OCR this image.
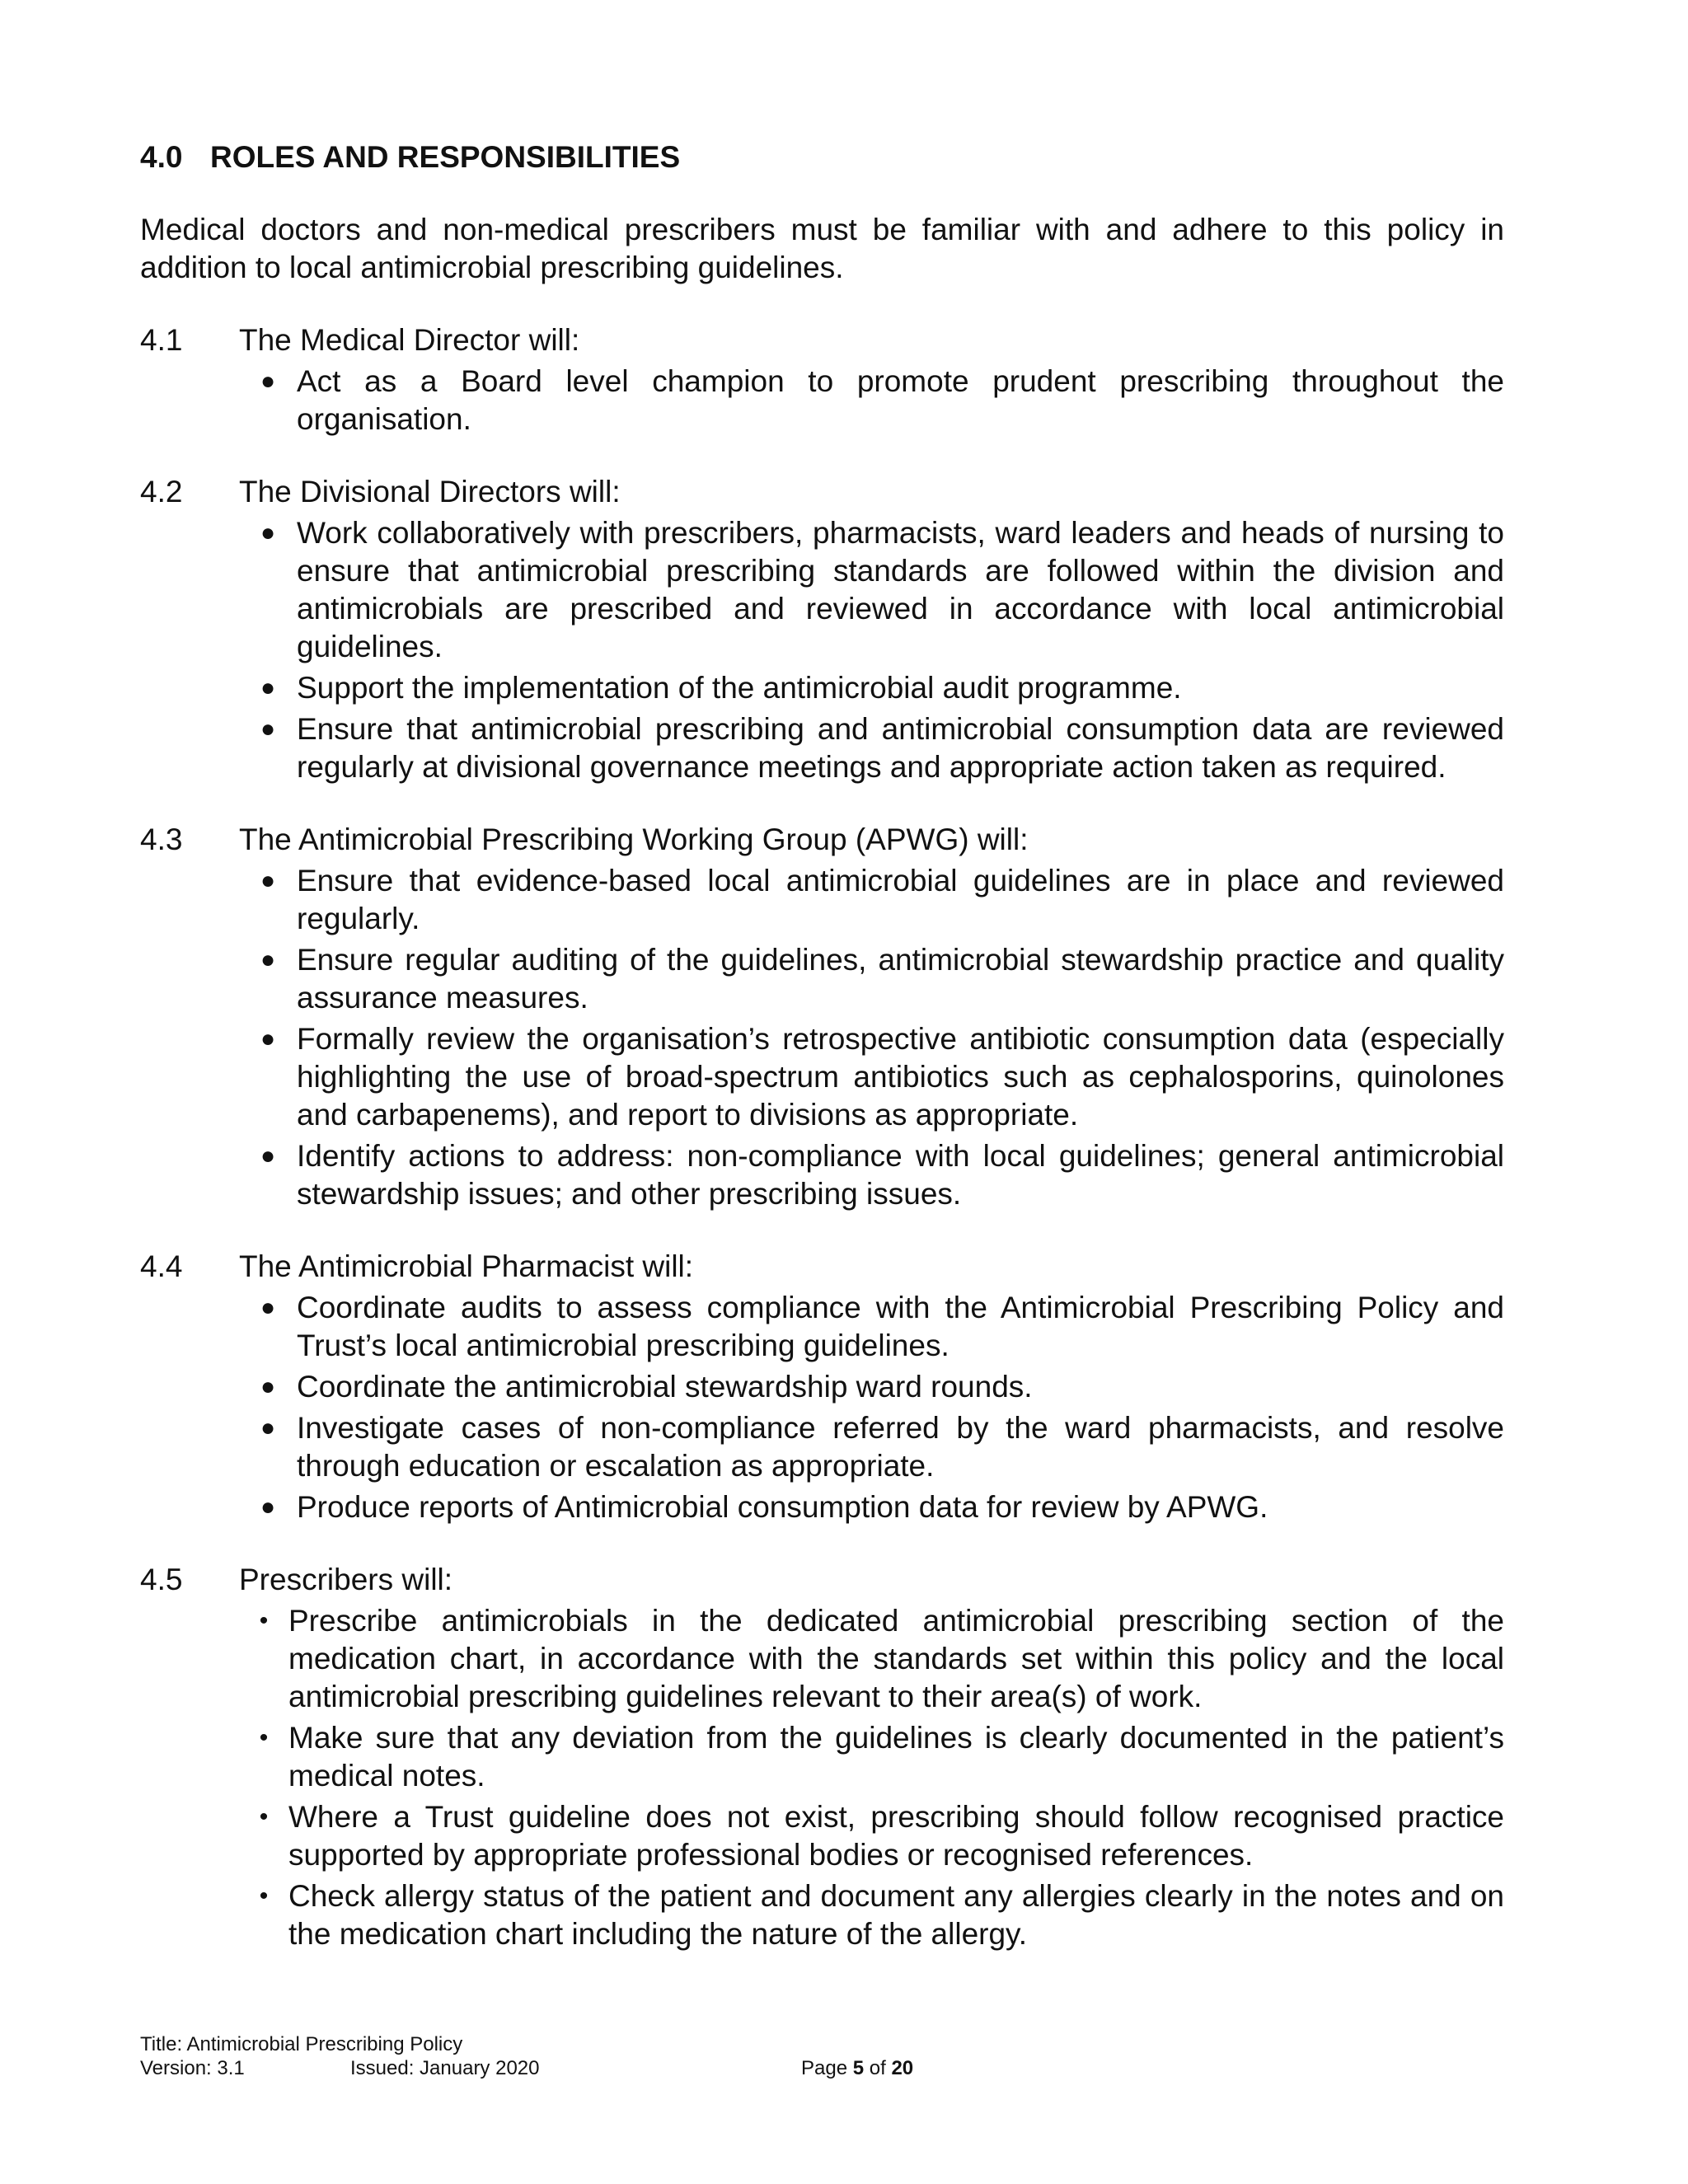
4.0 ROLES AND RESPONSIBILITIES

Medical doctors and non-medical prescribers must be familiar with and adhere to this policy in addition to local antimicrobial prescribing guidelines.

4.1	The Medical Director will:
● Act as a Board level champion to promote prudent prescribing throughout the organisation.
4.2	The Divisional Directors will:
● Work collaboratively with prescribers, pharmacists, ward leaders and heads of nursing to ensure that antimicrobial prescribing standards are followed within the division and antimicrobials are prescribed and reviewed in accordance with local antimicrobial guidelines.
● Support the implementation of the antimicrobial audit programme.
● Ensure that antimicrobial prescribing and antimicrobial consumption data are reviewed regularly at divisional governance meetings and appropriate action taken as required.
4.3	The Antimicrobial Prescribing Working Group (APWG) will:
● Ensure that evidence-based local antimicrobial guidelines are in place and reviewed regularly.
● Ensure regular auditing of the guidelines, antimicrobial stewardship practice and quality assurance measures.
● Formally review the organisation’s retrospective antibiotic consumption data (especially highlighting the use of broad-spectrum antibiotics such as cephalosporins, quinolones and carbapenems), and report to divisions as appropriate.
● Identify actions to address: non-compliance with local guidelines; general antimicrobial stewardship issues; and other prescribing issues.
4.4	The Antimicrobial Pharmacist will:
● Coordinate audits to assess compliance with the Antimicrobial Prescribing Policy and Trust’s local antimicrobial prescribing guidelines.
● Coordinate the antimicrobial stewardship ward rounds.
● Investigate cases of non-compliance referred by the ward pharmacists, and resolve through education or escalation as appropriate.
● Produce reports of Antimicrobial consumption data for review by APWG.
4.5	Prescribers will:
• Prescribe antimicrobials in the dedicated antimicrobial prescribing section of the medication chart, in accordance with the standards set within this policy and the local antimicrobial prescribing guidelines relevant to their area(s) of work.
• Make sure that any deviation from the guidelines is clearly documented in the patient’s medical notes.
• Where a Trust guideline does not exist, prescribing should follow recognised practice supported by appropriate professional bodies or recognised references.
• Check allergy status of the patient and document any allergies clearly in the notes and on the medication chart including the nature of the allergy.
Title: Antimicrobial Prescribing Policy
Version: 3.1	Issued: January 2020	Page 5 of 20
